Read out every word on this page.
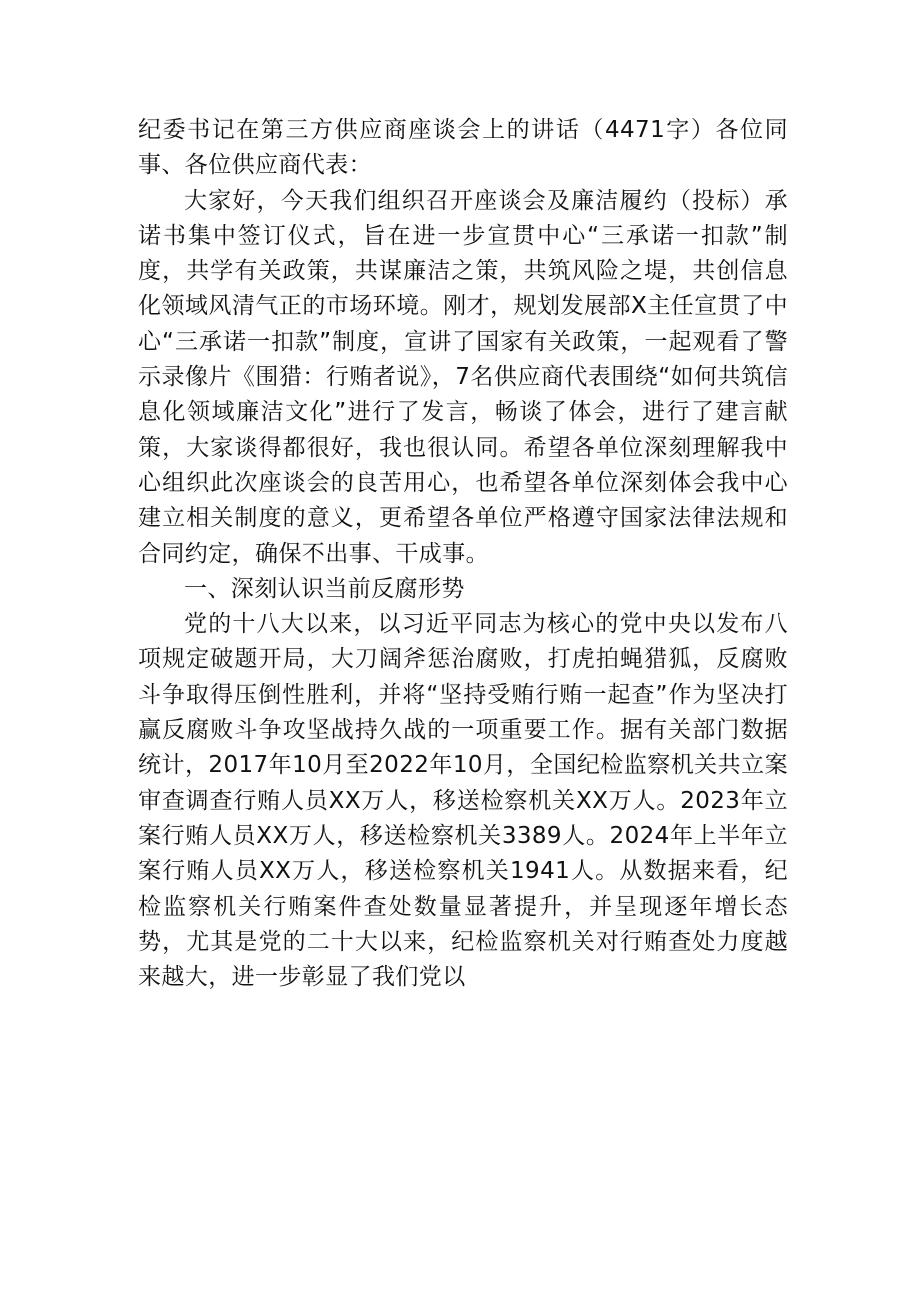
纪委书记在第三方供应商座谈会上的讲话（4471字）各位同事、各位供应商代表：

大家好，今天我们组织召开座谈会及廉洁履约（投标）承诺书集中签订仪式，旨在进一步宣贯中心“三承诺一扣款”制度，共学有关政策，共谋廉洁之策，共筑风险之堤，共创信息化领域风清气正的市场环境。刚才，规划发展部X主任宣贯了中心“三承诺一扣款”制度，宣讲了国家有关政策，一起观看了警示录像片《围猎：行贿者说》，7名供应商代表围绕“如何共筑信息化领域廉洁文化”进行了发言，畅谈了体会，进行了建言献策，大家谈得都很好，我也很认同。希望各单位深刻理解我中心组织此次座谈会的良苦用心，也希望各单位深刻体会我中心建立相关制度的意义，更希望各单位严格遵守国家法律法规和合同约定，确保不出事、干成事。

一、深刻认识当前反腐形势

党的十八大以来，以习近平同志为核心的党中央以发布八项规定破题开局，大刀阔斧惩治腐败，打虎拍蝇猎狐，反腐败斗争取得压倒性胜利，并将“坚持受贿行贿一起查”作为坚决打赢反腐败斗争攻坚战持久战的一项重要工作。据有关部门数据统计，2017年10月至2022年10月，全国纪检监察机关共立案审查调查行贿人员XX万人，移送检察机关XX万人。2023年立案行贿人员XX万人，移送检察机关3389人。2024年上半年立案行贿人员XX万人，移送检察机关1941人。从数据来看，纪检监察机关行贿案件查处数量显著提升，并呈现逐年增长态势，尤其是党的二十大以来，纪检监察机关对行贿查处力度越来越大，进一步彰显了我们党以
